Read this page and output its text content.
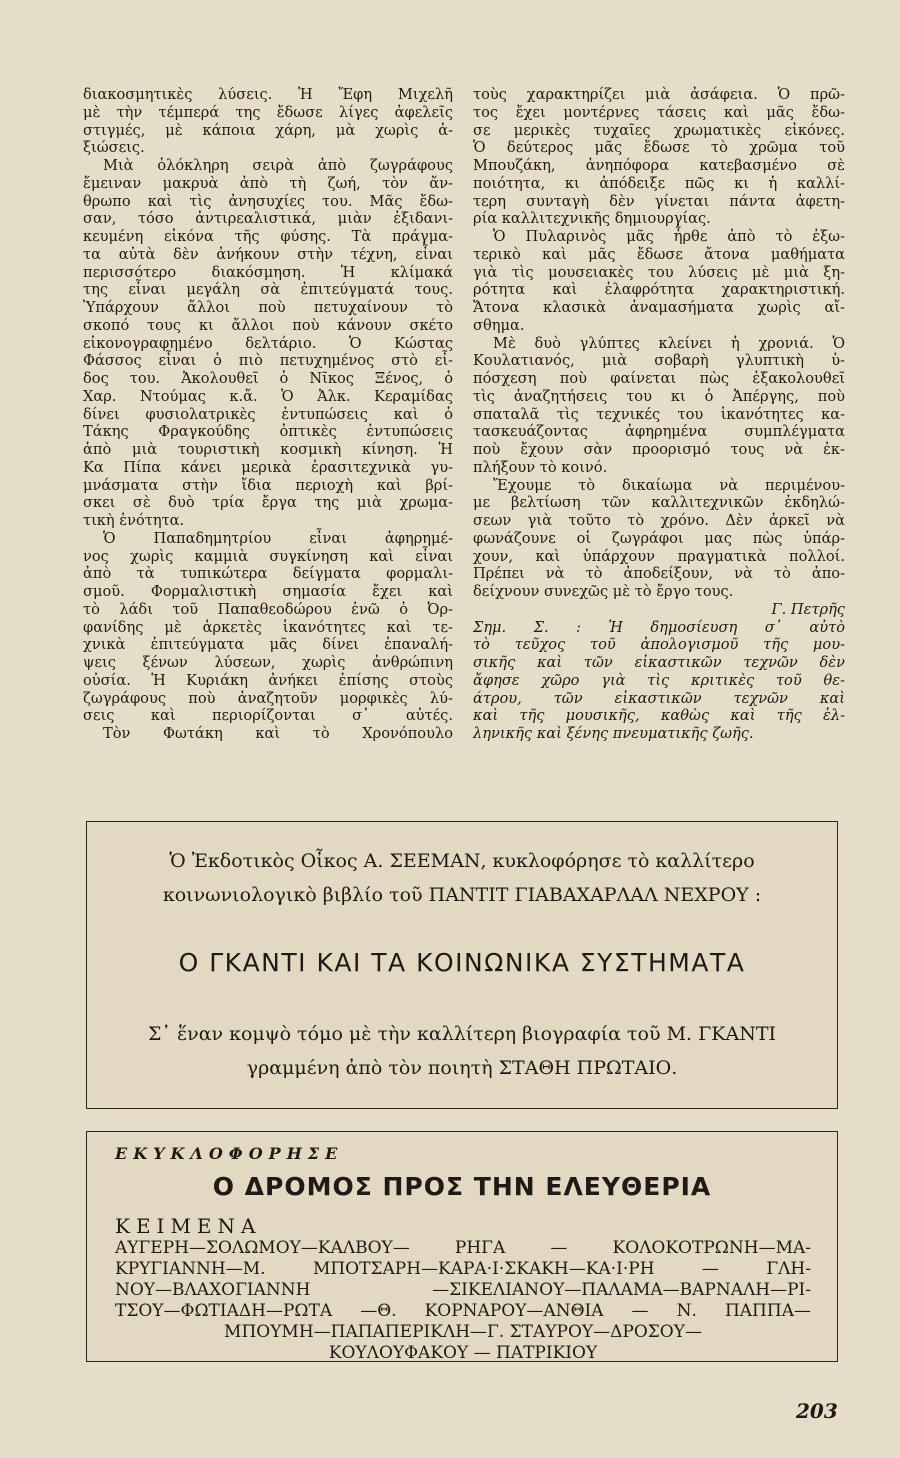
διακοσμητικὲς λύσεις. Ἡ Ἔφη Μιχελῆ
μὲ τὴν τέμπερά της ἔδωσε λίγες ἀφελεῖς
στιγμές, μὲ κάποια χάρη, μὰ χωρὶς ἀ-
ξιώσεις.
Μιὰ ὁλόκληρη σειρὰ ἀπὸ ζωγράφους
ἔμειναν μακρυὰ ἀπὸ τὴ ζωή, τὸν ἄν-
θρωπο καὶ τὶς ἀνησυχίες του. Μᾶς ἔδω-
σαν, τόσο ἀντιρεαλιστικά, μιὰν ἐξιδανι-
κευμένη εἰκόνα τῆς φύσης. Τὰ πράγμα-
τα αὐτὰ δὲν ἀνήκουν στὴν τέχνη, εἶναι
περισσότερο διακόσμηση. Ἡ κλίμακά
της εἶναι μεγάλη σὰ ἐπιτεύγματά τους.
Ὑπάρχουν ἄλλοι ποὺ πετυχαίνουν τὸ
σκοπό τους κι ἄλλοι ποὺ κάνουν σκέτο
εἰκονογραφημένο δελτάριο. Ὁ Κώστας
Φάσσος εἶναι ὁ πιὸ πετυχημένος στὸ εἶ-
δος του. Ἀκολουθεῖ ὁ Νῖκος Ξένος, ὁ
Χαρ. Ντούμας κ.ἄ. Ὁ Ἀλκ. Κεραμίδας
δίνει φυσιολατρικὲς ἐντυπώσεις καὶ ὁ
Τάκης Φραγκούδης ὀπτικὲς ἐντυπώσεις
ἀπὸ μιὰ τουριστικὴ κοσμικὴ κίνηση. Ἡ
Κα Πίπα κάνει μερικὰ ἐρασιτεχνικὰ γυ-
μνάσματα στὴν ἴδια περιοχὴ καὶ βρί-
σκει σὲ δυὸ τρία ἔργα της μιὰ χρωμα-
τικὴ ἑνότητα.
Ὁ Παπαδημητρίου εἶναι ἀφηρημέ-
νος χωρὶς καμμιὰ συγκίνηση καὶ εἶναι
ἀπὸ τὰ τυπικώτερα δείγματα φορμαλι-
σμοῦ. Φορμαλιστικὴ σημασία ἔχει καὶ
τὸ λάδι τοῦ Παπαθεοδώρου ἐνῶ ὁ Ὀρ-
φανίδης μὲ ἀρκετὲς ἱκανότητες καὶ τε-
χνικὰ ἐπιτεύγματα μᾶς δίνει ἐπαναλή-
ψεις ξένων λύσεων, χωρὶς ἀνθρώπινη
οὐσία. Ἡ Κυριάκη ἀνήκει ἐπίσης στοὺς
ζωγράφους ποὺ ἀναζητοῦν μορφικὲς λύ-
σεις καὶ περιορίζονται σ᾽ αὐτές.
Τὸν Φωτάκη καὶ τὸ Χρονόπουλο
τοὺς χαρακτηρίζει μιὰ ἀσάφεια. Ὁ πρῶ-
τος ἔχει μοντέρνες τάσεις καὶ μᾶς ἔδω-
σε μερικὲς τυχαῖες χρωματικὲς εἰκόνες.
Ὁ δεύτερος μᾶς ἔδωσε τὸ χρῶμα τοῦ
Μπουζάκη, ἀνηπόφορα κατεβασμένο σὲ
ποιότητα, κι ἀπόδειξε πῶς κι ἡ καλλί-
τερη συνταγὴ δὲν γίνεται πάντα ἀφετη-
ρία καλλιτεχνικῆς δημιουργίας.
Ὁ Πυλαρινὸς μᾶς ἦρθε ἀπὸ τὸ ἐξω-
τερικὸ καὶ μᾶς ἔδωσε ἄτονα μαθήματα
γιὰ τὶς μουσειακὲς του λύσεις μὲ μιὰ ξη-
ρότητα καὶ ἐλαφρότητα χαρακτηριστική.
Ἄτονα κλασικὰ ἀναμασήματα χωρὶς αἴ-
σθημα.
Μὲ δυὸ γλύπτες κλείνει ἡ χρονιά. Ὁ
Κουλατιανός, μιὰ σοβαρὴ γλυπτικὴ ὑ-
πόσχεση ποὺ φαίνεται πὼς ἐξακολουθεῖ
τὶς ἀναζητήσεις του κι ὁ Ἀπέργης, ποὺ
σπαταλᾶ τὶς τεχνικές του ἱκανότητες κα-
τασκευάζοντας ἀφηρημένα συμπλέγματα
ποὺ ἔχουν σὰν προορισμό τους νὰ ἐκ-
πλήξουν τὸ κοινό.
Ἔχουμε τὸ δικαίωμα νὰ περιμένου-
με βελτίωση τῶν καλλιτεχνικῶν ἐκδηλώ-
σεων γιὰ τοῦτο τὸ χρόνο. Δὲν ἀρκεῖ νὰ
φωνάζουνε οἱ ζωγράφοι μας πὼς ὑπάρ-
χουν, καὶ ὑπάρχουν πραγματικὰ πολλοί.
Πρέπει νὰ τὸ ἀποδείξουν, νὰ τὸ ἀπο-
δείχνουν συνεχῶς μὲ τὸ ἔργο τους.
Γ. Πετρῆς
Σημ. Σ. : Ἡ δημοσίευση σ᾽ αὐτὸ
τὸ τεῦχος τοῦ ἀπολογισμοῦ τῆς μου-
σικῆς καὶ τῶν εἰκαστικῶν τεχνῶν δὲν
ἄφησε χῶρο γιὰ τὶς κριτικὲς τοῦ θε-
άτρου, τῶν εἰκαστικῶν τεχνῶν καὶ
καὶ τῆς μουσικῆς, καθὼς καὶ τῆς ἑλ-
ληνικῆς καὶ ξένης πνευματικῆς ζωῆς.
Ὁ Ἐκδοτικὸς Οἶκος Α. ΣΕΕΜΑΝ, κυκλοφόρησε τὸ καλλίτερο
κοινωνιολογικὸ βιβλίο τοῦ ΠΑΝΤΙΤ ΓΙΑΒΑΧΑΡΛΑΛ ΝΕΧΡΟΥ :
Ο ΓΚΑΝΤΙ ΚΑΙ ΤΑ ΚΟΙΝΩΝΙΚΑ ΣΥΣΤΗΜΑΤΑ
Σ᾽ ἕναν κομψὸ τόμο μὲ τὴν καλλίτερη βιογραφία τοῦ Μ. ΓΚΑΝΤΙ
γραμμένη ἀπὸ τὸν ποιητὴ ΣΤΑΘΗ ΠΡΩΤΑΙΟ.
ΕΚΥΚΛΟΦΟΡΗΣΕ
Ο ΔΡΟΜΟΣ ΠΡΟΣ ΤΗΝ ΕΛΕΥΘΕΡΙΑ
ΚΕΙΜΕΝΑ
ΑΥΓΕΡΗ—ΣΟΛΩΜΟΥ—ΚΑΛΒΟΥ— ΡΗΓΑ — ΚΟΛΟΚΟΤΡΩΝΗ—ΜΑ-
ΚΡΥΓΙΑΝΝΗ—Μ. ΜΠΟΤΣΑΡΗ—ΚΑΡΑ·Ι·ΣΚΑΚΗ—ΚΑ·Ι·ΡΗ — ΓΛΗ-
ΝΟΥ—ΒΛΑΧΟΓΙΑΝΝΗ —ΣΙΚΕΛΙΑΝΟΥ—ΠΑΛΑΜΑ—ΒΑΡΝΑΛΗ—ΡΙ-
ΤΣΟΥ—ΦΩΤΙΑΔΗ—ΡΩΤΑ —Θ. ΚΟΡΝΑΡΟΥ—ΑΝΘΙΑ — Ν. ΠΑΠΠΑ—
ΜΠΟΥΜΗ—ΠΑΠΑΠΕΡΙΚΛΗ—Γ. ΣΤΑΥΡΟΥ—ΔΡΟΣΟΥ—
ΚΟΥΛΟΥΦΑΚΟΥ — ΠΑΤΡΙΚΙΟΥ
203
